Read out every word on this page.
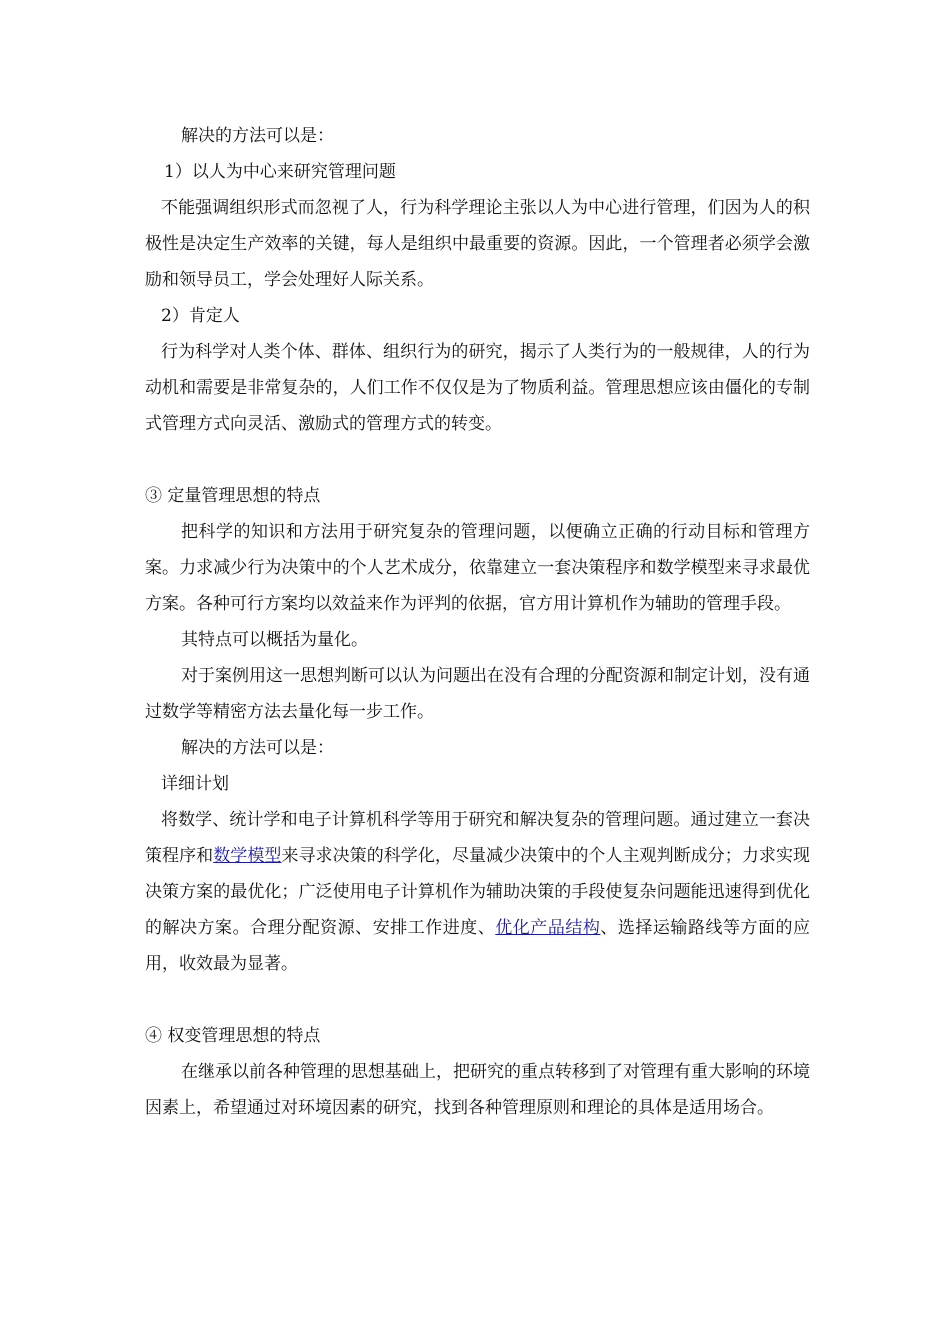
解决的方法可以是：

1）以人为中心来研究管理问题

不能强调组织形式而忽视了人，行为科学理论主张以人为中心进行管理，们因为人的积极性是决定生产效率的关键，每人是组织中最重要的资源。因此，一个管理者必须学会激励和领导员工，学会处理好人际关系。

2）肯定人

行为科学对人类个体、群体、组织行为的研究，揭示了人类行为的一般规律，人的行为动机和需要是非常复杂的，人们工作不仅仅是为了物质利益。管理思想应该由僵化的专制式管理方式向灵活、激励式的管理方式的转变。

③ 定量管理思想的特点

把科学的知识和方法用于研究复杂的管理问题，以便确立正确的行动目标和管理方案。力求减少行为决策中的个人艺术成分，依靠建立一套决策程序和数学模型来寻求最优方案。各种可行方案均以效益来作为评判的依据，官方用计算机作为辅助的管理手段。

其特点可以概括为量化。

对于案例用这一思想判断可以认为问题出在没有合理的分配资源和制定计划，没有通过数学等精密方法去量化每一步工作。

解决的方法可以是：

详细计划

将数学、统计学和电子计算机科学等用于研究和解决复杂的管理问题。通过建立一套决策程序和数学模型来寻求决策的科学化，尽量减少决策中的个人主观判断成分；力求实现决策方案的最优化；广泛使用电子计算机作为辅助决策的手段使复杂问题能迅速得到优化的解决方案。合理分配资源、安排工作进度、优化产品结构、选择运输路线等方面的应用，收效最为显著。

④ 权变管理思想的特点

在继承以前各种管理的思想基础上，把研究的重点转移到了对管理有重大影响的环境因素上，希望通过对环境因素的研究，找到各种管理原则和理论的具体是适用场合。
